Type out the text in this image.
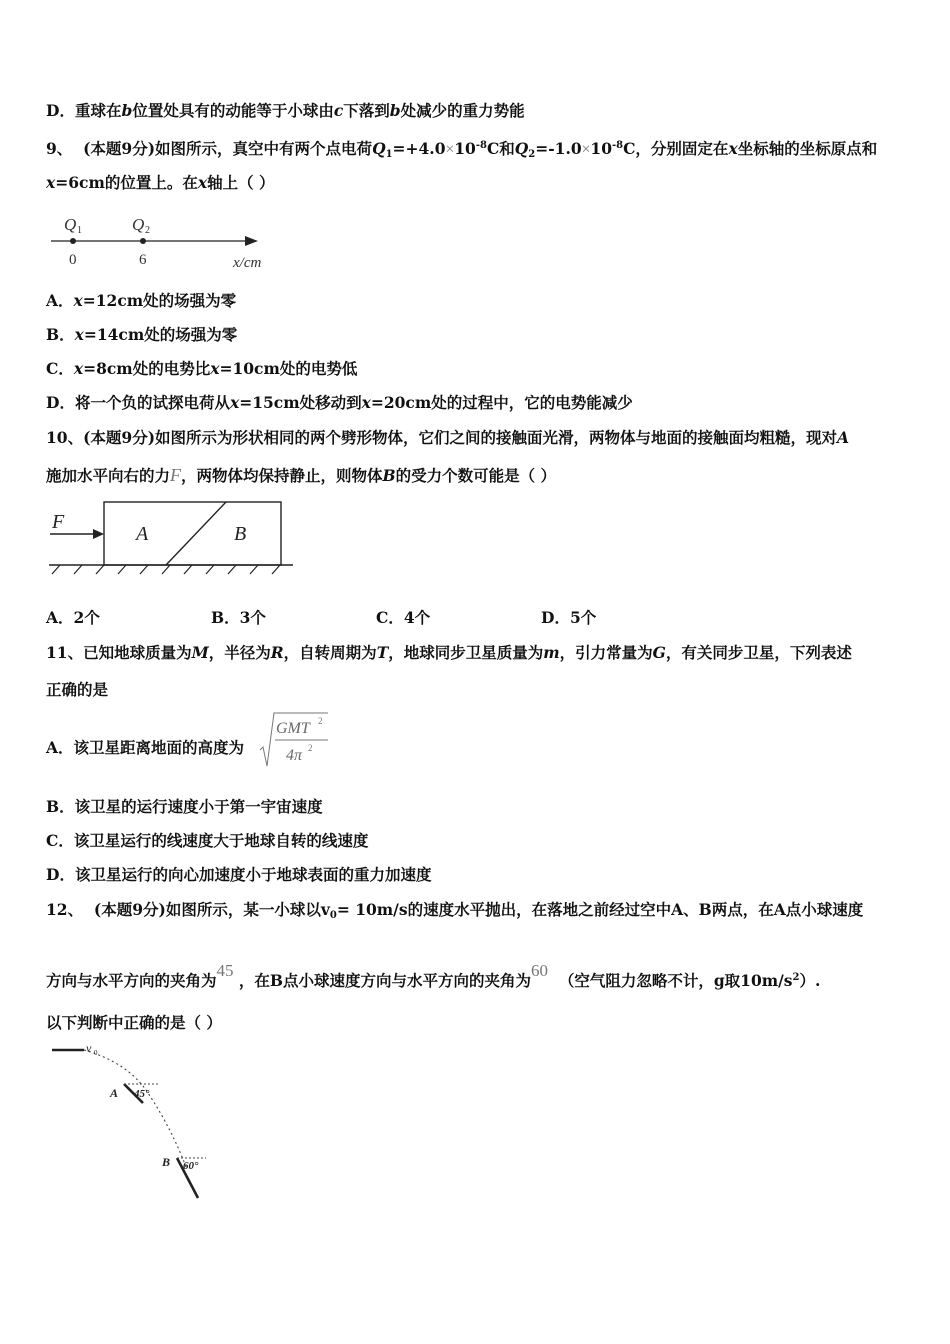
D．重球在b位置处具有的动能等于小球由c下落到b处减少的重力势能
9、 (本题9分)如图所示，真空中有两个点电荷$Q_1=+4.0\times 10^{-8}C$和$Q_2=-1.0\times 10^{-8}C$，分别固定在x坐标轴的坐标原点和
x=6cm的位置上。在x轴上（ ）
Q 1	Q 2
0	6	x/cm
A．x=12cm处的场强为零
B．x=14cm处的场强为零
C．x=8cm处的电势比x=10cm处的电势低
D．将一个负的试探电荷从x=15cm处移动到x=20cm处的过程中，它的电势能减少
10、(本题9分)如图所示为形状相同的两个劈形物体，它们之间的接触面光滑，两物体与地面的接触面均粗糙，现对A
施加水平向右的力F，两物体均保持静止，则物体B的受力个数可能是（ ）
F
A	B
A．2个	B．3个	C．4个	D．5个
11、已知地球质量为M，半径为R，自转周期为T，地球同步卫星质量为m，引力常量为G，有关同步卫星，下列表述
正确的是
A．该卫星距离地面的高度为
GMT 2
4π 2
B．该卫星的运行速度小于第一宇宙速度
C．该卫星运行的线速度大于地球自转的线速度
D．该卫星运行的向心加速度小于地球表面的重力加速度
12、 (本题9分)如图所示，某一小球以$v_0= 10m/s$的速度水平抛出，在落地之前经过空中A、B两点，在A点小球速度
方向与水平方向的夹角为45 ，在B点小球速度方向与水平方向的夹角为60  （空气阻力忽略不计，g取$10m/s^2$）.
以下判断中正确的是（ ）
v 0
A 45°
B 60°
